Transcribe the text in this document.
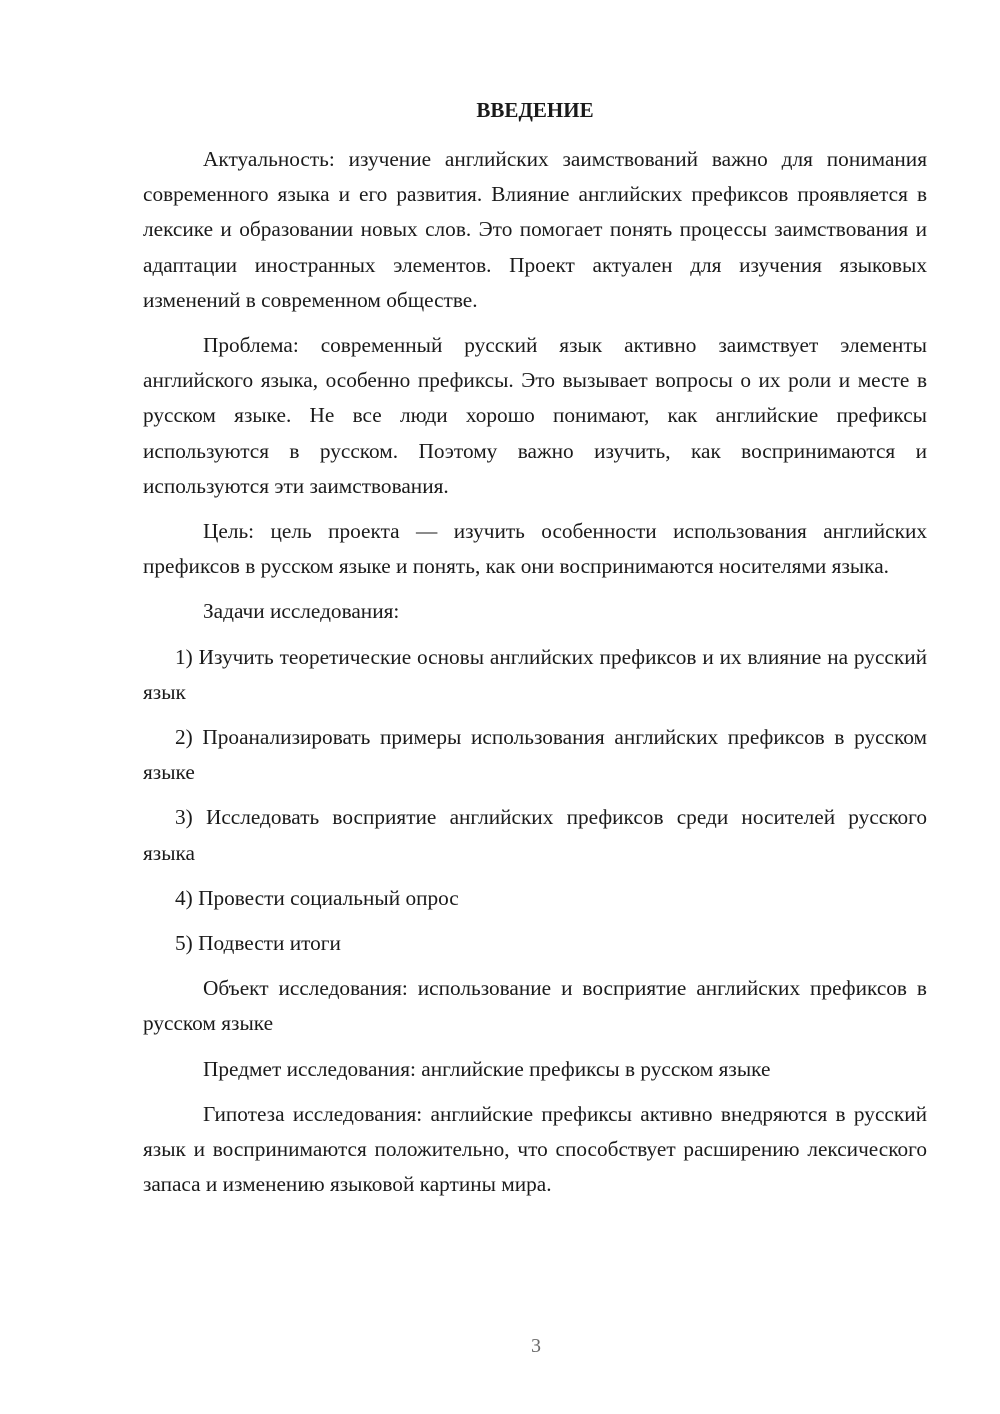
ВВЕДЕНИЕ

Актуальность: изучение английских заимствований важно для понимания современного языка и его развития. Влияние английских префиксов проявляется в лексике и образовании новых слов. Это помогает понять процессы заимствования и адаптации иностранных элементов. Проект актуален для изучения языковых изменений в современном обществе.

Проблема: современный русский язык активно заимствует элементы английского языка, особенно префиксы. Это вызывает вопросы о их роли и месте в русском языке. Не все люди хорошо понимают, как английские префиксы используются в русском. Поэтому важно изучить, как воспринимаются и используются эти заимствования.

Цель: цель проекта — изучить особенности использования английских префиксов в русском языке и понять, как они воспринимаются носителями языка.

Задачи исследования:

1) Изучить теоретические основы английских префиксов и их влияние на русский язык

2) Проанализировать примеры использования английских префиксов в русском языке

3) Исследовать восприятие английских префиксов среди носителей русского языка

4) Провести социальный опрос

5) Подвести итоги

Объект исследования: использование и восприятие английских префиксов в русском языке

Предмет исследования: английские префиксы в русском языке

Гипотеза исследования: английские префиксы активно внедряются в русский язык и воспринимаются положительно, что способствует расширению лексического запаса и изменению языковой картины мира.

3
